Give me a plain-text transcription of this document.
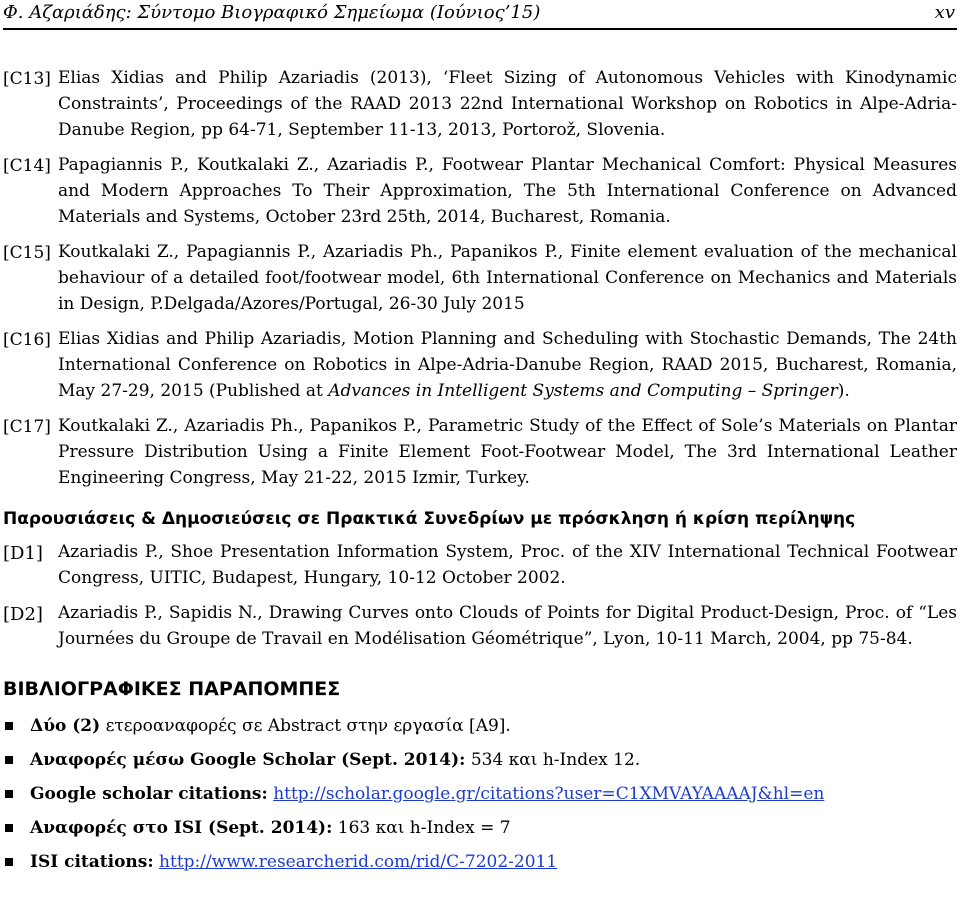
Φ. Αζαριάδης: Σύντομο Βιογραφικό Σημείωμα (Ιούνιος’15)	xv
[C13] Elias Xidias and Philip Azariadis (2013), ‘Fleet Sizing of Autonomous Vehicles with Kinodynamic Constraints’, Proceedings of the RAAD 2013 22nd International Workshop on Robotics in Alpe-Adria-Danube Region, pp 64-71, September 11-13, 2013, Portorož, Slovenia.
[C14] Papagiannis P., Koutkalaki Z., Azariadis P., Footwear Plantar Mechanical Comfort: Physical Measures and Modern Approaches To Their Approximation, The 5th International Conference on Advanced Materials and Systems, October 23rd 25th, 2014, Bucharest, Romania.
[C15] Koutkalaki Z., Papagiannis P., Azariadis Ph., Papanikos P., Finite element evaluation of the mechanical behaviour of a detailed foot/footwear model, 6th International Conference on Mechanics and Materials in Design, P.Delgada/Azores/Portugal, 26-30 July 2015
[C16] Elias Xidias and Philip Azariadis, Motion Planning and Scheduling with Stochastic Demands, The 24th International Conference on Robotics in Alpe-Adria-Danube Region, RAAD 2015, Bucharest, Romania, May 27-29, 2015 (Published at Advances in Intelligent Systems and Computing – Springer).
[C17] Koutkalaki Z., Azariadis Ph., Papanikos P., Parametric Study of the Effect of Sole’s Materials on Plantar Pressure Distribution Using a Finite Element Foot-Footwear Model, The 3rd International Leather Engineering Congress, May 21-22, 2015 Izmir, Turkey.
Παρουσιάσεις & Δημοσιεύσεις σε Πρακτικά Συνεδρίων με πρόσκληση ή κρίση περίληψης
[D1] Azariadis P., Shoe Presentation Information System, Proc. of the XIV International Technical Footwear Congress, UITIC, Budapest, Hungary, 10-12 October 2002.
[D2] Azariadis P., Sapidis N., Drawing Curves onto Clouds of Points for Digital Product-Design, Proc. of “Les Journées du Groupe de Travail en Modélisation Géométrique”, Lyon, 10-11 March, 2004, pp 75-84.
ΒΙΒΛΙΟΓΡΑΦΙΚΕΣ ΠΑΡΑΠΟΜΠΕΣ
Δύο (2) ετεροαναφορές σε Abstract στην εργασία [A9].
Αναφορές μέσω Google Scholar (Sept. 2014): 534 και h-Index 12.
Google scholar citations: http://scholar.google.gr/citations?user=C1XMVAYAAAAJ&hl=en
Αναφορές στο ISI (Sept. 2014): 163 και h-Index = 7
ISI citations: http://www.researcherid.com/rid/C-7202-2011
